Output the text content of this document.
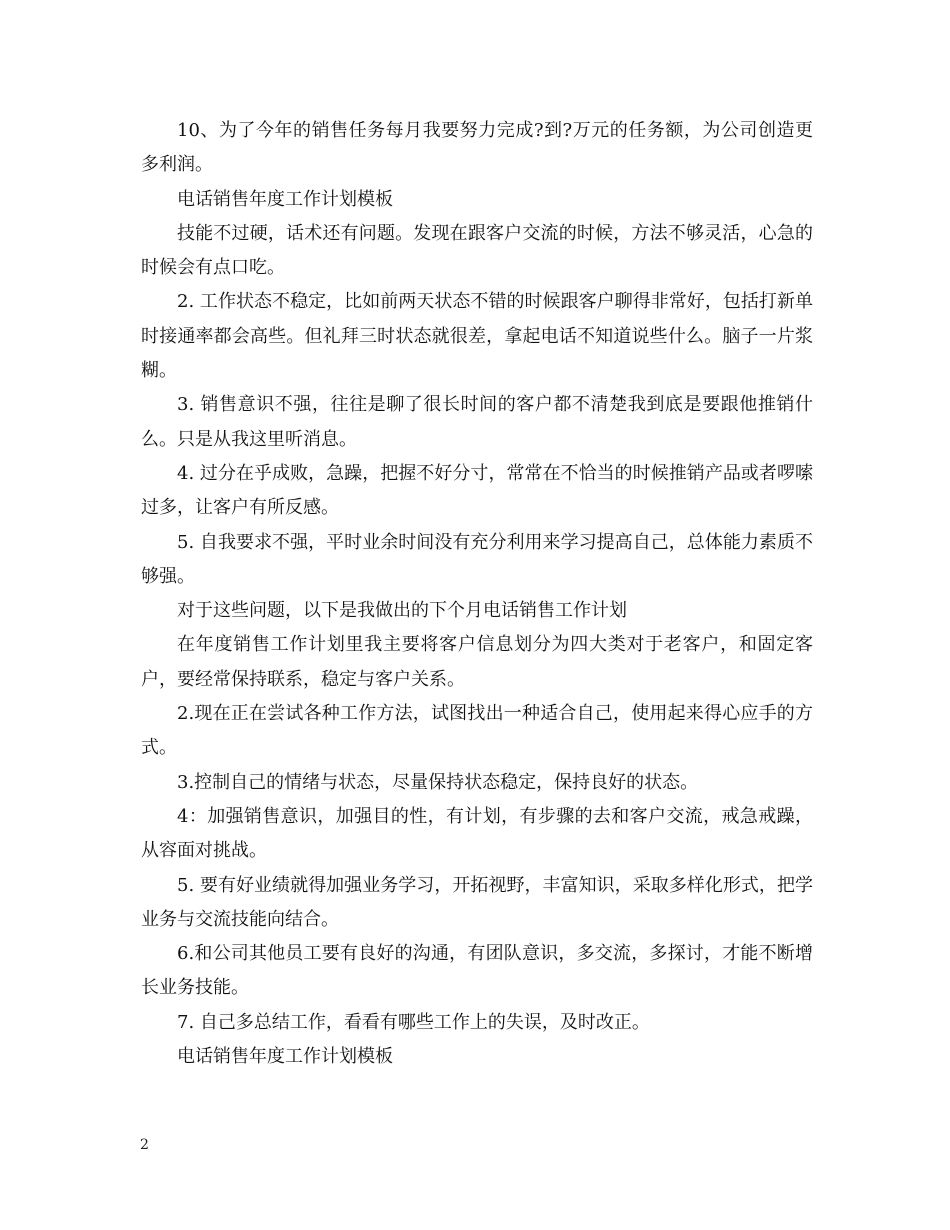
10、为了今年的销售任务每月我要努力完成?到?万元的任务额，为公司创造更多利润。

电话销售年度工作计划模板

技能不过硬，话术还有问题。发现在跟客户交流的时候，方法不够灵活，心急的时候会有点口吃。

2. 工作状态不稳定，比如前两天状态不错的时候跟客户聊得非常好，包括打新单时接通率都会高些。但礼拜三时状态就很差，拿起电话不知道说些什么。脑子一片浆糊。

3. 销售意识不强，往往是聊了很长时间的客户都不清楚我到底是要跟他推销什么。只是从我这里听消息。

4. 过分在乎成败，急躁，把握不好分寸，常常在不恰当的时候推销产品或者啰嗦过多，让客户有所反感。

5. 自我要求不强，平时业余时间没有充分利用来学习提高自己，总体能力素质不够强。

对于这些问题，以下是我做出的下个月电话销售工作计划

在年度销售工作计划里我主要将客户信息划分为四大类对于老客户，和固定客户，要经常保持联系，稳定与客户关系。

2.现在正在尝试各种工作方法，试图找出一种适合自己，使用起来得心应手的方式。

3.控制自己的情绪与状态，尽量保持状态稳定，保持良好的状态。

4：加强销售意识，加强目的性，有计划，有步骤的去和客户交流，戒急戒躁，从容面对挑战。

5. 要有好业绩就得加强业务学习，开拓视野，丰富知识，采取多样化形式，把学业务与交流技能向结合。

6.和公司其他员工要有良好的沟通，有团队意识，多交流，多探讨，才能不断增长业务技能。

7. 自己多总结工作，看看有哪些工作上的失误，及时改正。

电话销售年度工作计划模板

2
